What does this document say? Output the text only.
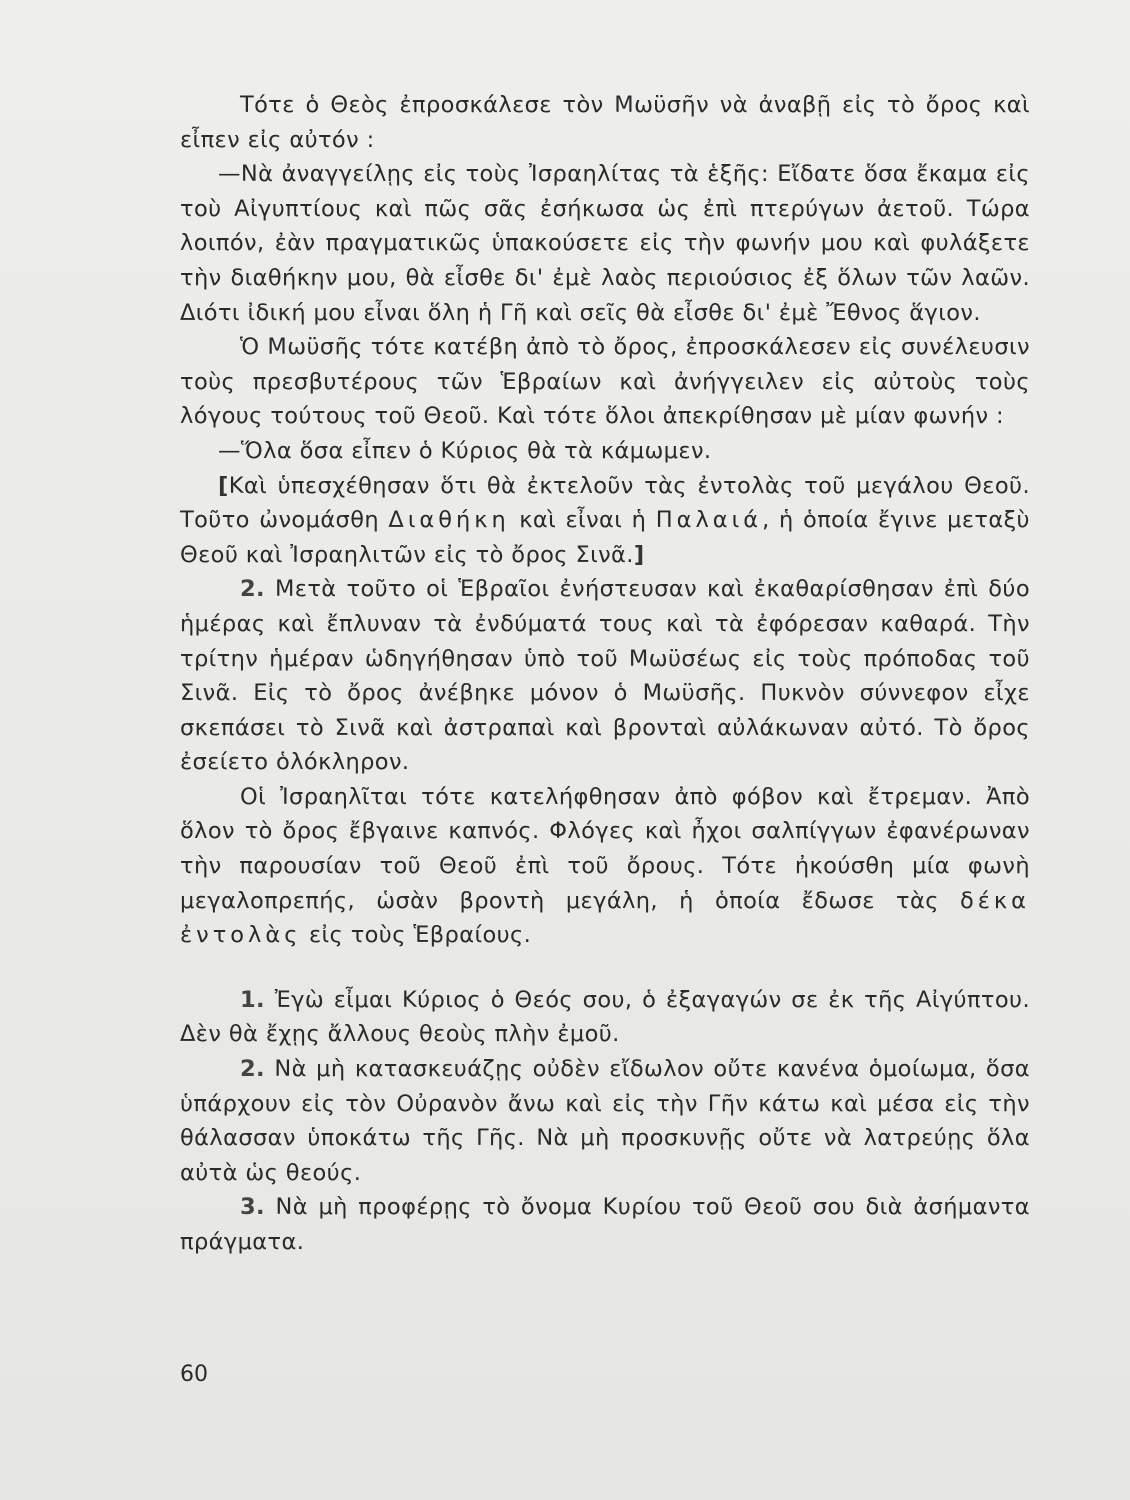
Τότε ὁ Θεὸς ἐπροσκάλεσε τὸν Μωϋσῆν νὰ ἀναβῇ εἰς τὸ ὄρος καὶ εἶπεν εἰς αὐτόν :

—Νὰ ἀναγγείλῃς εἰς τοὺς Ἰσραηλίτας τὰ ἑξῆς: Εἴδατε ὅσα ἔκαμα εἰς τοὺ Αἰγυπτίους καὶ πῶς σᾶς ἐσήκωσα ὡς ἐπὶ πτερύγων ἀετοῦ. Τώρα λοιπόν, ἐὰν πραγματικῶς ὑπακούσετε εἰς τὴν φωνήν μου καὶ φυλάξετε τὴν διαθήκην μου, θὰ εἶσθε δι' ἐμὲ λαὸς περιούσιος ἐξ ὅλων τῶν λαῶν. Διότι ἰδική μου εἶναι ὅλη ἡ Γῆ καὶ σεῖς θὰ εἶσθε δι' ἐμὲ Ἔθνος ἅγιον.

Ὁ Μωϋσῆς τότε κατέβη ἀπὸ τὸ ὄρος, ἐπροσκάλεσεν εἰς συνέλευσιν τοὺς πρεσβυτέρους τῶν Ἑβραίων καὶ ἀνήγγειλεν εἰς αὐτοὺς τοὺς λόγους τούτους τοῦ Θεοῦ. Καὶ τότε ὅλοι ἀπεκρίθησαν μὲ μίαν φωνήν :

—Ὅλα ὅσα εἶπεν ὁ Κύριος θὰ τὰ κάμωμεν.

[Καὶ ὑπεσχέθησαν ὅτι θὰ ἐκτελοῦν τὰς ἐντολὰς τοῦ μεγάλου Θεοῦ. Τοῦτο ὠνομάσθη Διαθήκη καὶ εἶναι ἡ Παλαιά, ἡ ὁποία ἔγινε μεταξὺ Θεοῦ καὶ Ἰσραηλιτῶν εἰς τὸ ὄρος Σινᾶ.]

2. Μετὰ τοῦτο οἱ Ἑβραῖοι ἐνήστευσαν καὶ ἐκαθαρίσθησαν ἐπὶ δύο ἡμέρας καὶ ἔπλυναν τὰ ἐνδύματά τους καὶ τὰ ἐφόρεσαν καθαρά. Τὴν τρίτην ἡμέραν ὡδηγήθησαν ὑπὸ τοῦ Μωϋσέως εἰς τοὺς πρόποδας τοῦ Σινᾶ. Εἰς τὸ ὄρος ἀνέβηκε μόνον ὁ Μωϋσῆς. Πυκνὸν σύννεφον εἶχε σκεπάσει τὸ Σινᾶ καὶ ἀστραπαὶ καὶ βρονταὶ αὐλάκωναν αὐτό. Τὸ ὄρος ἐσείετο ὁλόκληρον.

Οἱ Ἰσραηλῖται τότε κατελήφθησαν ἀπὸ φόβον καὶ ἔτρεμαν. Ἀπὸ ὅλον τὸ ὄρος ἔβγαινε καπνός. Φλόγες καὶ ἦχοι σαλπίγγων ἐφανέρωναν τὴν παρουσίαν τοῦ Θεοῦ ἐπὶ τοῦ ὄρους. Τότε ἠκούσθη μία φωνὴ μεγαλοπρεπής, ὡσὰν βροντὴ μεγάλη, ἡ ὁποία ἔδωσε τὰς δέκα ἐντολὰς εἰς τοὺς Ἑβραίους.

1. Ἐγὼ εἶμαι Κύριος ὁ Θεός σου, ὁ ἐξαγαγών σε ἐκ τῆς Αἰγύπτου. Δὲν θὰ ἔχῃς ἄλλους θεοὺς πλὴν ἐμοῦ.

2. Νὰ μὴ κατασκευάζῃς οὐδὲν εἴδωλον οὔτε κανένα ὁμοίωμα, ὅσα ὑπάρχουν εἰς τὸν Οὐρανὸν ἄνω καὶ εἰς τὴν Γῆν κάτω καὶ μέσα εἰς τὴν θάλασσαν ὑποκάτω τῆς Γῆς. Νὰ μὴ προσκυνῇς οὔτε νὰ λατρεύῃς ὅλα αὐτὰ ὡς θεούς.

3. Νὰ μὴ προφέρῃς τὸ ὄνομα Κυρίου τοῦ Θεοῦ σου διὰ ἀσήμαντα πράγματα.

60
